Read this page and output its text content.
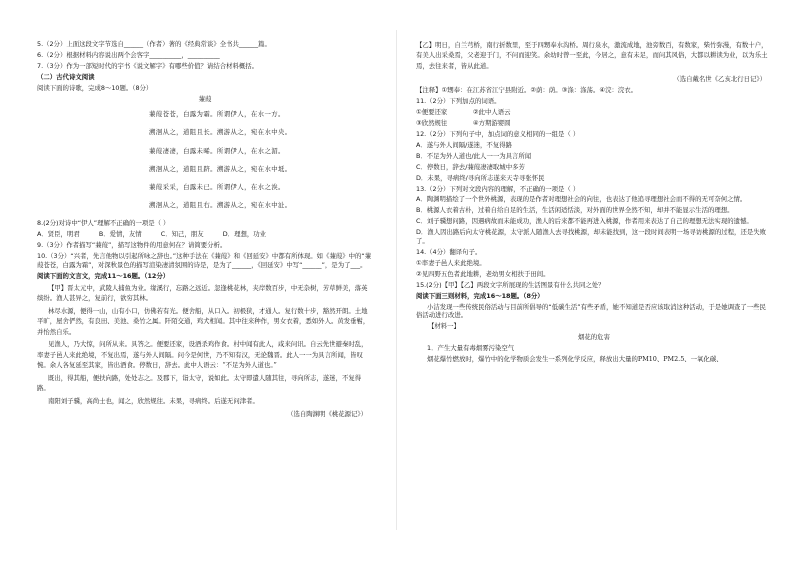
5.（2分）上面这段文字节选自______（作者）著的《经典常谈》全书共______篇。

6.（2分）根据材料内容说出两个会客字__________，__________

7.（3分）作为一部短时代的宇书《说文解字》有哪些价值？请结合材料概括。

（二）古代诗文阅读

阅读下面的诗歌，完成8～10题。（8分）

蒹葭
蒹葭苍苍，白露为霜。所谓伊人，在水一方。
溯洄从之，道阻且长。溯游从之，宛在水中央。
蒹葭凄凄，白露未晞。所谓伊人，在水之湄。
溯洄从之，道阻且跻。溯游从之，宛在水中坻。
蒹葭采采，白露未已。所谓伊人，在水之涘。
溯洄从之，道阻且右。溯游从之，宛在水中沚。

8.(2分)对诗中“伊人”理解不正确的一项是（ ）

A．贤臣，明君　　　B．爱情，友情　　　C．知己，朋友　　　D．理想，功业

9.（3分）作者描写“蒹葭”，描写这物件的用意何在？请简要分析。

10.（3分）“兴者，先言他物以引起所咏之辞也。”这种手法在《蒹葭》和《回延安》中都有所体现。如《蒹葭》中的“蒹葭苍苍，白露为霜”，对深秋景色的描写渲染凄清氛围的诗是，是为了______，《回延安》中写“______”，是为了___。

阅读下面的文言文，完成11～16题。（12分）

【甲】晋太元中，武陵人捕鱼为业。缘溪行，忘路之远近。忽逢桃花林，夹岸数百步，中无杂树，芳草鲜美，落英缤纷。渔人甚异之，复前行，欲穷其林。

林尽水源，便得一山，山有小口，仿佛若有光。便舍船，从口入。初极狭，才通人。复行数十步，豁然开朗。土地平旷，屋舍俨然，有良田、美池、桑竹之属。阡陌交通，鸡犬相闻。其中往来种作，男女衣着，悉如外人。黄发垂髫，并怡然自乐。

见渔人，乃大惊，问所从来。具答之。便要还家，设酒杀鸡作食。村中闻有此人，咸来问讯。自云先世避秦时乱，率妻子邑人来此绝境，不复出焉，遂与外人间隔。问今是何世，乃不知有汉，无论魏晋。此人一一为具言所闻，皆叹惋。余人各复延至其家，皆出酒食。停数日，辞去。此中人语云：“不足为外人道也。”

既出，得其船，便扶向路，处处志之。及郡下，诣太守，说如此。太守即遣人随其往，寻向所志，遂迷，不复得路。

南阳刘子骥，高尚士也，闻之，欣然规往。未果，寻病终。后遂无问津者。

（选自陶渊明《桃花源记》）

【乙】明日，自兰芎桥，南行折数里，至于四甥奉水沟桥。周行泉水，激流成地，池旁数百，有数家，柴竹弥漫，有数十户，有美人出采桑焉，父老迎于门，不问而迎笑。余幼时曾一至此，今居之，意有未足，而问其风俗，大都以耕读为业，以为乐土焉，去往来者，皆从此道。

（选自戴名世《乙亥北行日记》）

【注释】①甥奉：在江苏省江宁县附近。②荫：荫。③涤：涤荡。④浣：浣衣。

11.（2分）下列加点的词语。

①便要还家　　　　②此中人语云

③欣然规往　　　　④方期游婴圆

12.（2分）下列句子中，加点词的意义相同的一组是（ ）

A．遂与外人间隔/遂迷，不复得路

B．不足为外人道也/此人一一为具言所闻

C．停数日，辞去/蒹葭凄凄取城中多芳

D．未果，寻病终/寻向所志遂来天寺寻张怀民

13.（2分）下列对文段内容的理解，不正确的一项是（ ）

A．陶渊明描绘了一个世外桃源，表现的是作者对理想社会的向往，也表达了他追寻理想社会而不得的无可奈何之情。

B．桃源人衣着古朴，过着自给自足的生活，生活闲适恬淡，对外面的世界全然不知，却并不能显示生活的理想。

C．刘子骥想问路，因遇病故而未能成功，渔人的后来都不能再进入桃源，作者用来表达了自己的理想无法实现的遗憾。

D．渔人因出路后向太守桃花源，太守派人随渔人去寻找桃源，却未能找到，这一段时间表明一场寻访桃源的过程，还是失败了。

14.（4分）翻译句子。

①率妻子邑人来此绝境。

②见四野五色者此地耕，老幼男女相扶于田间。

15.(2分)【甲】【乙】两段文字所展现的生活图景有什么共同之处？

阅读下面三则材料，完成16～18题。（8分）

小洁发现一些传统民俗活动与目前所倡导的“低碳生活”有些矛盾，她不知道是否应该取消这种活动，于是她调查了一些民俗活动进行改进。

【材料一】

烟花的危害

1．产生大量有毒烟雾污染空气

烟花爆竹燃放时，爆竹中的化学物质会发生一系列化学反应，释放出大量的PM10、PM2.5、一氧化碳、
